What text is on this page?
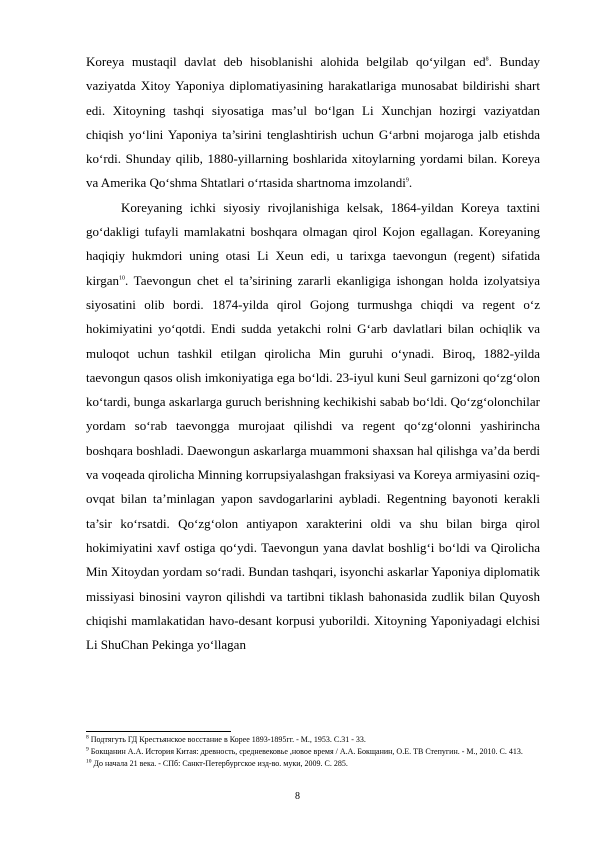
Koreya mustaqil davlat deb hisoblanishi alohida belgilab qoʻyilgan $ed^8$. Bunday vaziyatda Xitoy Yaponiya diplomatiyasining harakatlariga munosabat bildirishi shart edi. Xitoyning tashqi siyosatiga mas’ul boʻlgan Li Xunchjan hozirgi vaziyatdan chiqish yoʻlini Yaponiya ta’sirini tenglashtirish uchun Gʻarbni mojaroga jalb etishda koʻrdi. Shunday qilib, 1880-yillarning boshlarida xitoylarning yordami bilan. Koreya va Amerika Qoʻshma Shtatlari oʻrtasida shartnoma imzolandi$^9$.

Koreyaning ichki siyosiy rivojlanishiga kelsak, 1864-yildan Koreya taxtini goʻdakligi tufayli mamlakatni boshqara olmagan qirol Kojon egallagan. Koreyaning haqiqiy hukmdori uning otasi Li Xeun edi, u tarixga taevongun (regent) sifatida kirgan$^{10}$. Taevongun chet el ta’sirining zararli ekanligiga ishongan holda izolyatsiya siyosatini olib bordi. 1874-yilda qirol Gojong turmushga chiqdi va regent oʻz hokimiyatini yoʻqotdi. Endi sudda yetakchi rolni Gʻarb davlatlari bilan ochiqlik va muloqot uchun tashkil etilgan qirolicha Min guruhi oʻynadi. Biroq, 1882-yilda taevongun qasos olish imkoniyatiga ega boʻldi. 23-iyul kuni Seul garnizoni qoʻzgʻolon koʻtardi, bunga askarlarga guruch berishning kechikishi sabab boʻldi. Qoʻzgʻolonchilar yordam soʻrab taevongga murojaat qilishdi va regent qoʻzgʻolonni yashirincha boshqara boshladi. Daewongun askarlarga muammoni shaxsan hal qilishga va’da berdi va voqeada qirolicha Minning korrupsiyalashgan fraksiyasi va Koreya armiyasini oziq-ovqat bilan ta’minlagan yapon savdogarlarini aybladi. Regentning bayonoti kerakli ta’sir koʻrsatdi. Qoʻzgʻolon antiyapon xarakterini oldi va shu bilan birga qirol hokimiyatini xavf ostiga qoʻydi. Taevongun yana davlat boshligʻi boʻldi va Qirolicha Min Xitoydan yordam soʻradi. Bundan tashqari, isyonchi askarlar Yaponiya diplomatik missiyasi binosini vayron qilishdi va tartibni tiklash bahonasida zudlik bilan Quyosh chiqishi mamlakatidan havo-desant korpusi yuborildi. Xitoyning Yaponiyadagi elchisi Li ShuChan Pekinga yoʻllagan

$^8$ Подтягуть ГД Крестьянское восстание в Корее 1893-1895гг. - М., 1953. С.31 - 33.

$^9$ Бокщанин А.А. История Китая: древность, средневековье ,новое время / А.А. Бокщанин, О.Е. ТВ Степугин. - М., 2010. С. 413.

$^{10}$ До начала 21 века. - СПб: Санкт-Петербургское изд-во. муки, 2009. С. 285.

8
